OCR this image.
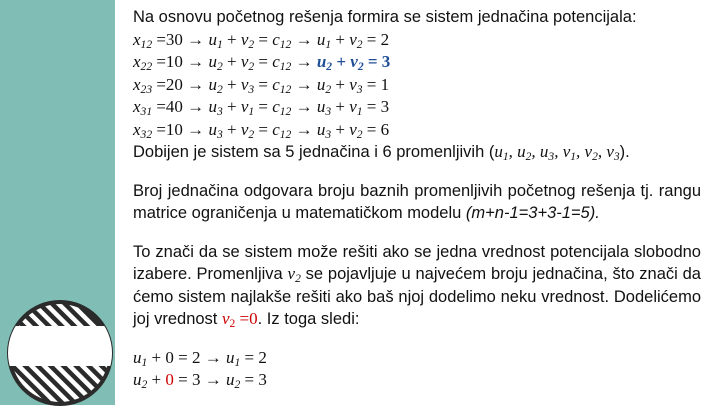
Na osnovu početnog rešenja formira se sistem jednačina potencijala:
$x_{12} =30 \to u_1 + v_2 = c_{12} \to u_1 + v_2 = 2$
$x_{22} =10 \to u_2 + v_2 = c_{12} \to u_2 + v_2 = 3$
$x_{23} =20 \to u_2 + v_3 = c_{12} \to u_2 + v_3 = 1$
$x_{31} =40 \to u_3 + v_1 = c_{12} \to u_3 + v_1 = 3$
$x_{32} =10 \to u_3 + v_2 = c_{12} \to u_3 + v_2 = 6$
Dobijen je sistem sa 5 jednačina i 6 promenljivih ($u_1$, $u_2$, $u_3$, $v_1$, $v_2$, $v_3$).
Broj jednačina odgovara broju baznih promenljivih početnog rešenja tj. rangu matrice ograničenja u matematičkom modelu (m+n-1=3+3-1=5).
To znači da se sistem može rešiti ako se jedna vrednost potencijala slobodno izabere. Promenljiva $v_2$ se pojavljuje u najvećem broju jednačina, što znači da ćemo sistem najlakše rešiti ako baš njoj dodelimo neku vrednost. Dodelićemo joj vrednost $v_2 =0$. Iz toga sledi:
$u_1 + 0 = 2 \to u_1 = 2$
$u_2 + 0 = 3 \to u_2 = 3$
